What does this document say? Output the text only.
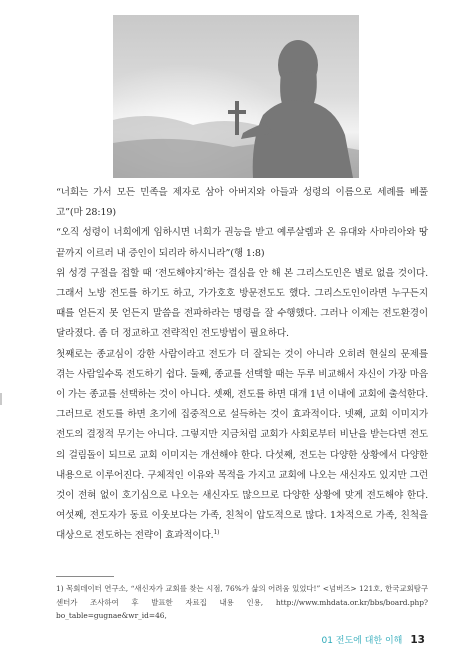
“너희는 가서 모든 민족을 제자로 삼아 아버지와 아들과 성령의 이름으로 세례를 베풀고”(마 28:19)

“오직 성령이 너희에게 임하시면 너희가 권능을 받고 예루살렘과 온 유대와 사마리아와 땅 끝까지 이르러 내 증인이 되리라 하시니라”(행 1:8)

위 성경 구절을 접할 때 ‘전도해야지’하는 결심을 안 해 본 그리스도인은 별로 없을 것이다. 그래서 노방 전도를 하기도 하고, 가가호호 방문전도도 했다. 그리스도인이라면 누구든지 때를 얻든지 못 얻든지 말씀을 전파하라는 명령을 잘 수행했다. 그러나 이제는 전도환경이 달라졌다. 좀 더 정교하고 전략적인 전도방법이 필요하다.

첫째로는 종교심이 강한 사람이라고 전도가 더 잘되는 것이 아니라 오히려 현실의 문제를 겪는 사람일수록 전도하기 쉽다. 둘째, 종교를 선택할 때는 두루 비교해서 자신이 가장 마음이 가는 종교를 선택하는 것이 아니다. 셋째, 전도를 하면 대개 1년 이내에 교회에 출석한다. 그러므로 전도를 하면 초기에 집중적으로 설득하는 것이 효과적이다. 넷째, 교회 이미지가 전도의 결정적 무기는 아니다. 그렇지만 지금처럼 교회가 사회로부터 비난을 받는다면 전도의 걸림돌이 되므로 교회 이미지는 개선해야 한다. 다섯째, 전도는 다양한 상황에서 다양한 내용으로 이루어진다. 구체적인 이유와 목적을 가지고 교회에 나오는 새신자도 있지만 그런 것이 전혀 없이 호기심으로 나오는 새신자도 많으므로 다양한 상황에 맞게 전도해야 한다. 여섯째, 전도자가 동료 이웃보다는 가족, 친척이 압도적으로 많다. 1차적으로 가족, 친척을 대상으로 전도하는 전략이 효과적이다.$^{1)}$

1) 목회데이터 연구소, “새신자가 교회를 찾는 시점, 76%가 삶의 어려움 있었다!” <넘버즈> 121호, 한국교회탐구센터가 조사하여 후 발표한 자료집 내용 인용, http://www.mhdata.or.kr/bbs/board.php?bo_table=gugnae&wr_id=46,

01 전도에 대한 이해 13
